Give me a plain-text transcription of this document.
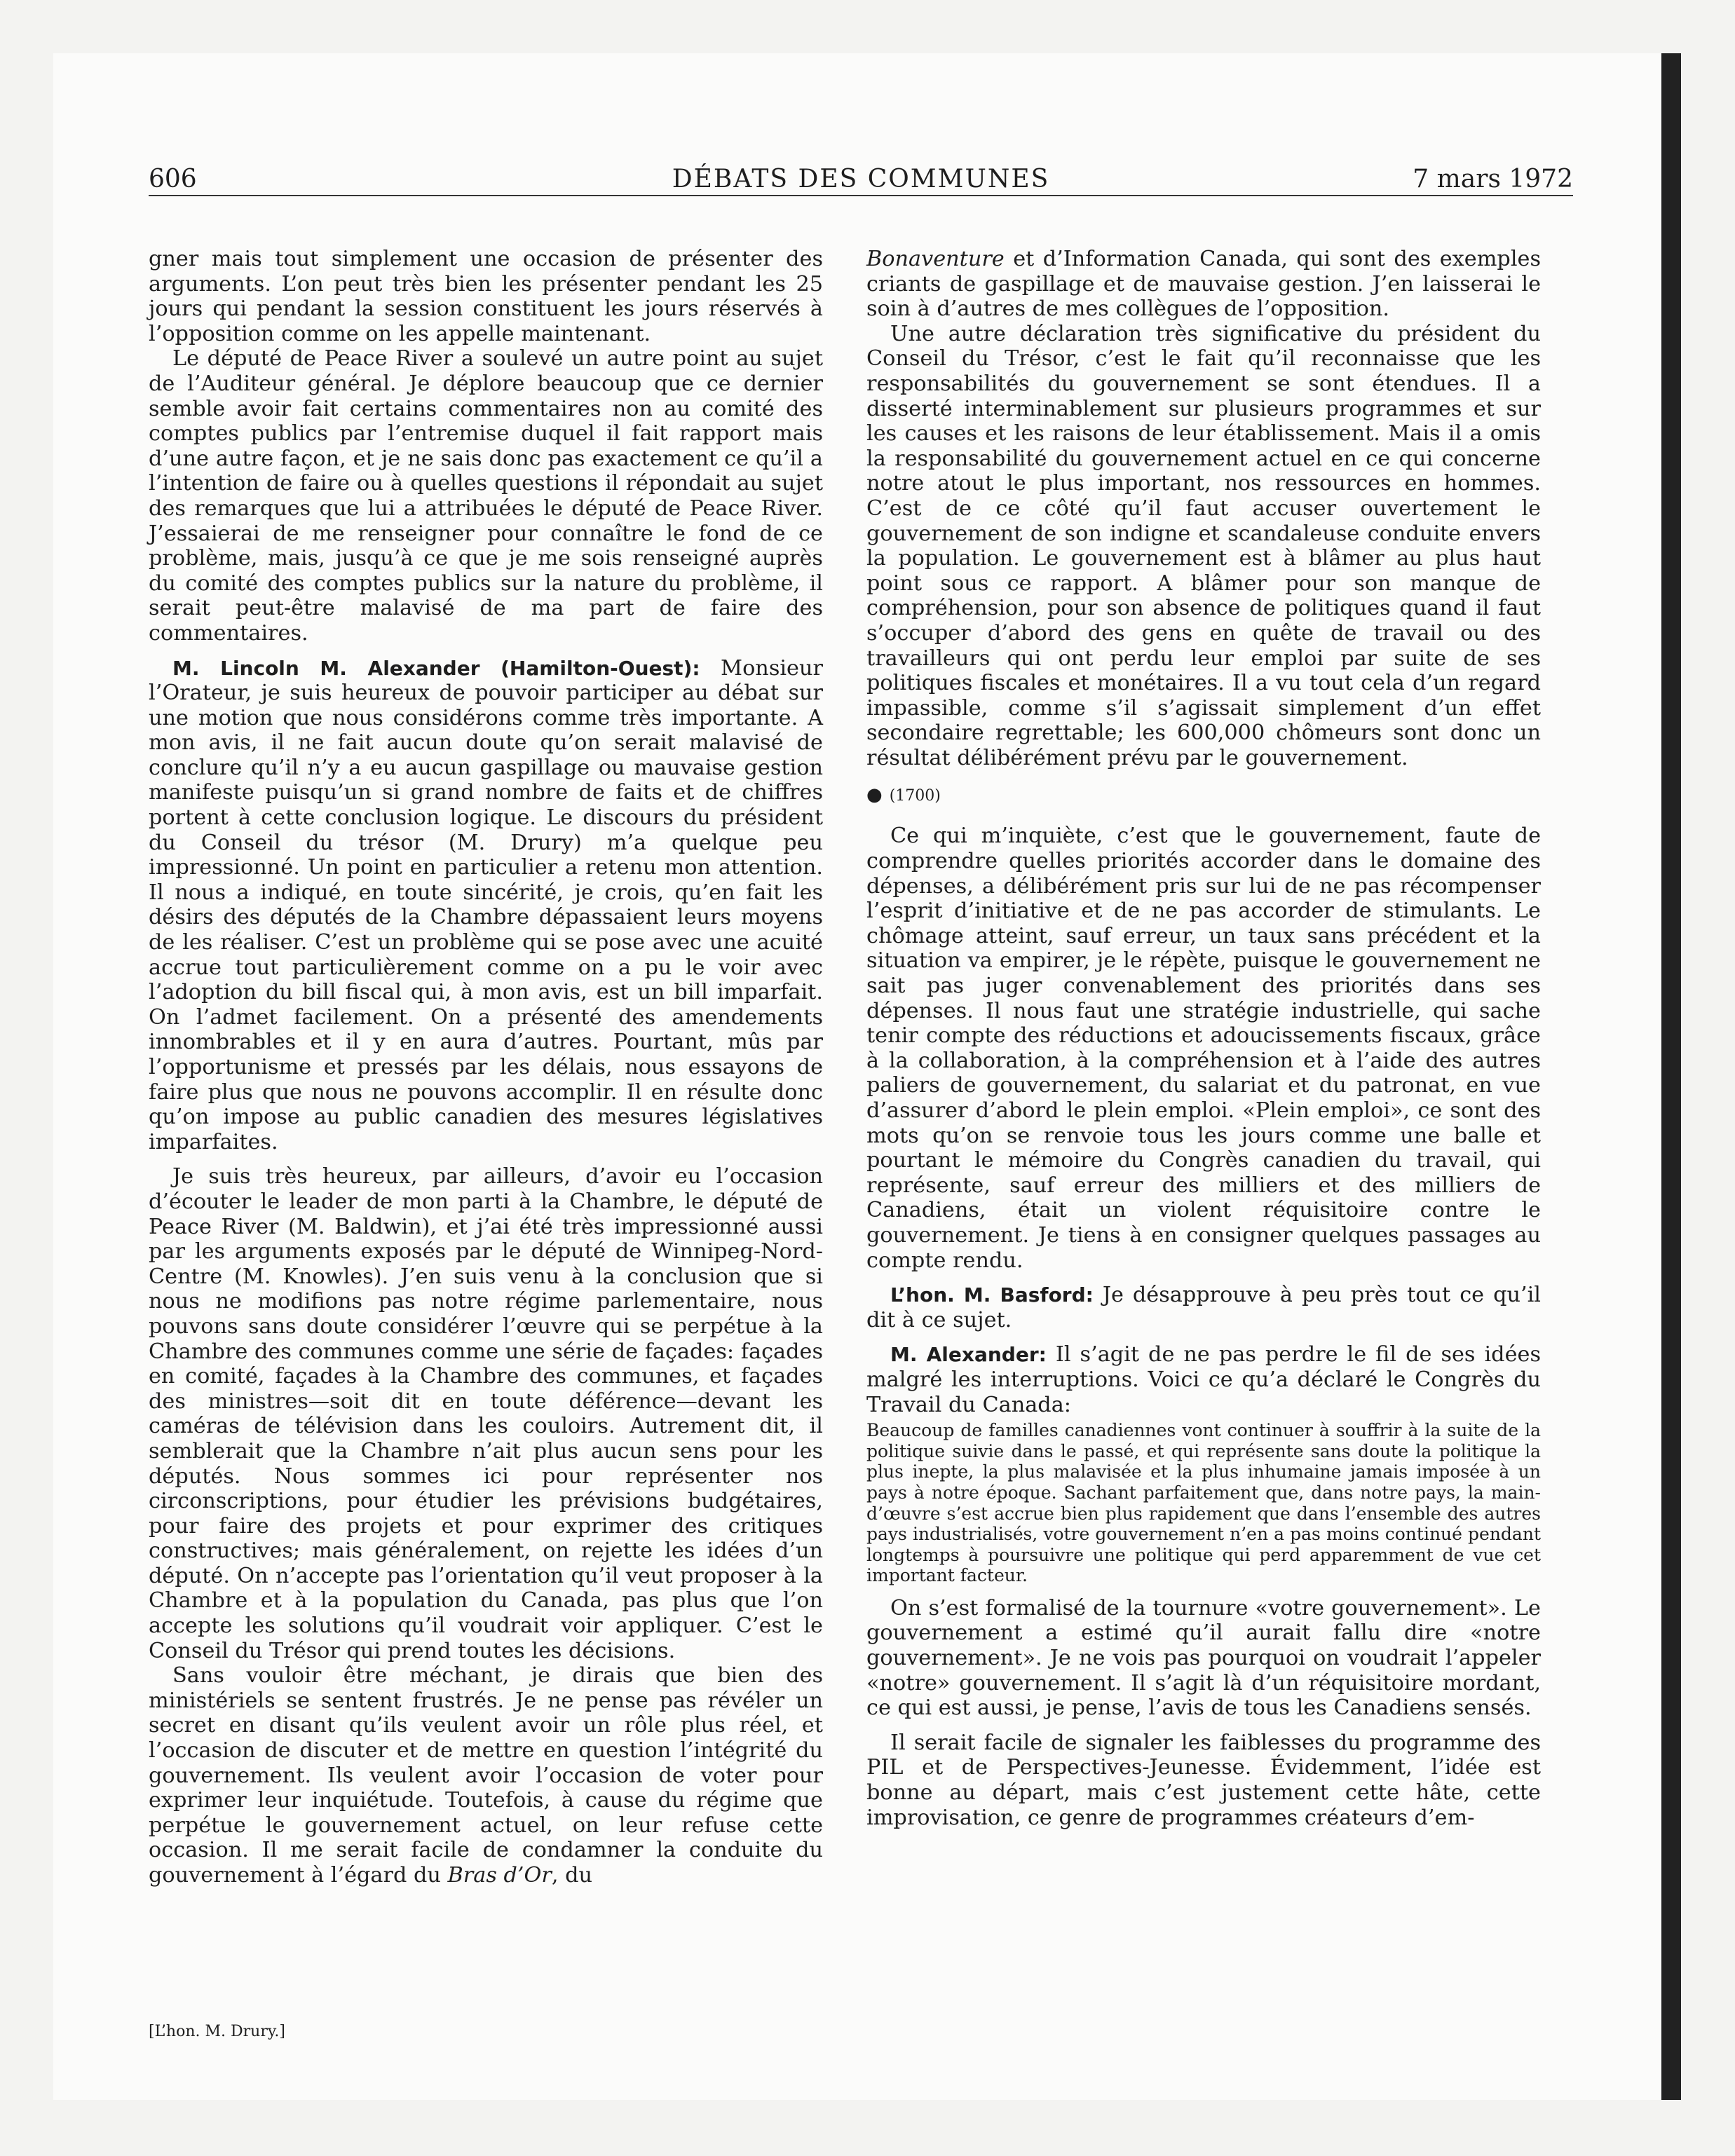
606	DÉBATS DES COMMUNES	7 mars 1972

gner mais tout simplement une occasion de présenter des arguments. L’on peut très bien les présenter pendant les 25 jours qui pendant la session constituent les jours réservés à l’opposition comme on les appelle maintenant.

Le député de Peace River a soulevé un autre point au sujet de l’Auditeur général. Je déplore beaucoup que ce dernier semble avoir fait certains commentaires non au comité des comptes publics par l’entremise duquel il fait rapport mais d’une autre façon, et je ne sais donc pas exactement ce qu’il a l’intention de faire ou à quelles questions il répondait au sujet des remarques que lui a attribuées le député de Peace River. J’essaierai de me renseigner pour connaître le fond de ce problème, mais, jusqu’à ce que je me sois renseigné auprès du comité des comptes publics sur la nature du problème, il serait peut-être malavisé de ma part de faire des commentaires.

M. Lincoln M. Alexander (Hamilton-Ouest): Monsieur l’Orateur, je suis heureux de pouvoir participer au débat sur une motion que nous considérons comme très importante. A mon avis, il ne fait aucun doute qu’on serait malavisé de conclure qu’il n’y a eu aucun gaspillage ou mauvaise gestion manifeste puisqu’un si grand nombre de faits et de chiffres portent à cette conclusion logique. Le discours du président du Conseil du trésor (M. Drury) m’a quelque peu impressionné. Un point en particulier a retenu mon attention. Il nous a indiqué, en toute sincérité, je crois, qu’en fait les désirs des députés de la Chambre dépassaient leurs moyens de les réaliser. C’est un problème qui se pose avec une acuité accrue tout particulièrement comme on a pu le voir avec l’adoption du bill fiscal qui, à mon avis, est un bill imparfait. On l’admet facilement. On a présenté des amendements innombrables et il y en aura d’autres. Pourtant, mûs par l’opportunisme et pressés par les délais, nous essayons de faire plus que nous ne pouvons accomplir. Il en résulte donc qu’on impose au public canadien des mesures législatives imparfaites.

Je suis très heureux, par ailleurs, d’avoir eu l’occasion d’écouter le leader de mon parti à la Chambre, le député de Peace River (M. Baldwin), et j’ai été très impressionné aussi par les arguments exposés par le député de Winnipeg-Nord-Centre (M. Knowles). J’en suis venu à la conclusion que si nous ne modifions pas notre régime parlementaire, nous pouvons sans doute considérer l’œuvre qui se perpétue à la Chambre des communes comme une série de façades: façades en comité, façades à la Chambre des communes, et façades des ministres—soit dit en toute déférence—devant les caméras de télévision dans les couloirs. Autrement dit, il semblerait que la Chambre n’ait plus aucun sens pour les députés. Nous sommes ici pour représenter nos circonscriptions, pour étudier les prévisions budgétaires, pour faire des projets et pour exprimer des critiques constructives; mais généralement, on rejette les idées d’un député. On n’accepte pas l’orientation qu’il veut proposer à la Chambre et à la population du Canada, pas plus que l’on accepte les solutions qu’il voudrait voir appliquer. C’est le Conseil du Trésor qui prend toutes les décisions.

Sans vouloir être méchant, je dirais que bien des ministériels se sentent frustrés. Je ne pense pas révéler un secret en disant qu’ils veulent avoir un rôle plus réel, et l’occasion de discuter et de mettre en question l’intégrité du gouvernement. Ils veulent avoir l’occasion de voter pour exprimer leur inquiétude. Toutefois, à cause du régime que perpétue le gouvernement actuel, on leur refuse cette occasion. Il me serait facile de condamner la conduite du gouvernement à l’égard du Bras d’Or, du

Bonaventure et d’Information Canada, qui sont des exemples criants de gaspillage et de mauvaise gestion. J’en laisserai le soin à d’autres de mes collègues de l’opposition.

Une autre déclaration très significative du président du Conseil du Trésor, c’est le fait qu’il reconnaisse que les responsabilités du gouvernement se sont étendues. Il a disserté interminablement sur plusieurs programmes et sur les causes et les raisons de leur établissement. Mais il a omis la responsabilité du gouvernement actuel en ce qui concerne notre atout le plus important, nos ressources en hommes. C’est de ce côté qu’il faut accuser ouvertement le gouvernement de son indigne et scandaleuse conduite envers la population. Le gouvernement est à blâmer au plus haut point sous ce rapport. A blâmer pour son manque de compréhension, pour son absence de politiques quand il faut s’occuper d’abord des gens en quête de travail ou des travailleurs qui ont perdu leur emploi par suite de ses politiques fiscales et monétaires. Il a vu tout cela d’un regard impassible, comme s’il s’agissait simplement d’un effet secondaire regrettable; les 600,000 chômeurs sont donc un résultat délibérément prévu par le gouvernement.

● (1700)

Ce qui m’inquiète, c’est que le gouvernement, faute de comprendre quelles priorités accorder dans le domaine des dépenses, a délibérément pris sur lui de ne pas récompenser l’esprit d’initiative et de ne pas accorder de stimulants. Le chômage atteint, sauf erreur, un taux sans précédent et la situation va empirer, je le répète, puisque le gouvernement ne sait pas juger convenablement des priorités dans ses dépenses. Il nous faut une stratégie industrielle, qui sache tenir compte des réductions et adoucissements fiscaux, grâce à la collaboration, à la compréhension et à l’aide des autres paliers de gouvernement, du salariat et du patronat, en vue d’assurer d’abord le plein emploi. «Plein emploi», ce sont des mots qu’on se renvoie tous les jours comme une balle et pourtant le mémoire du Congrès canadien du travail, qui représente, sauf erreur des milliers et des milliers de Canadiens, était un violent réquisitoire contre le gouvernement. Je tiens à en consigner quelques passages au compte rendu.

L’hon. M. Basford: Je désapprouve à peu près tout ce qu’il dit à ce sujet.

M. Alexander: Il s’agit de ne pas perdre le fil de ses idées malgré les interruptions. Voici ce qu’a déclaré le Congrès du Travail du Canada:

Beaucoup de familles canadiennes vont continuer à souffrir à la suite de la politique suivie dans le passé, et qui représente sans doute la politique la plus inepte, la plus malavisée et la plus inhumaine jamais imposée à un pays à notre époque. Sachant parfaitement que, dans notre pays, la main-d’œuvre s’est accrue bien plus rapidement que dans l’ensemble des autres pays industrialisés, votre gouvernement n’en a pas moins continué pendant longtemps à poursuivre une politique qui perd apparemment de vue cet important facteur.

On s’est formalisé de la tournure «votre gouvernement». Le gouvernement a estimé qu’il aurait fallu dire «notre gouvernement». Je ne vois pas pourquoi on voudrait l’appeler «notre» gouvernement. Il s’agit là d’un réquisitoire mordant, ce qui est aussi, je pense, l’avis de tous les Canadiens sensés.

Il serait facile de signaler les faiblesses du programme des PIL et de Perspectives-Jeunesse. Évidemment, l’idée est bonne au départ, mais c’est justement cette hâte, cette improvisation, ce genre de programmes créateurs d’em-

[L’hon. M. Drury.]
